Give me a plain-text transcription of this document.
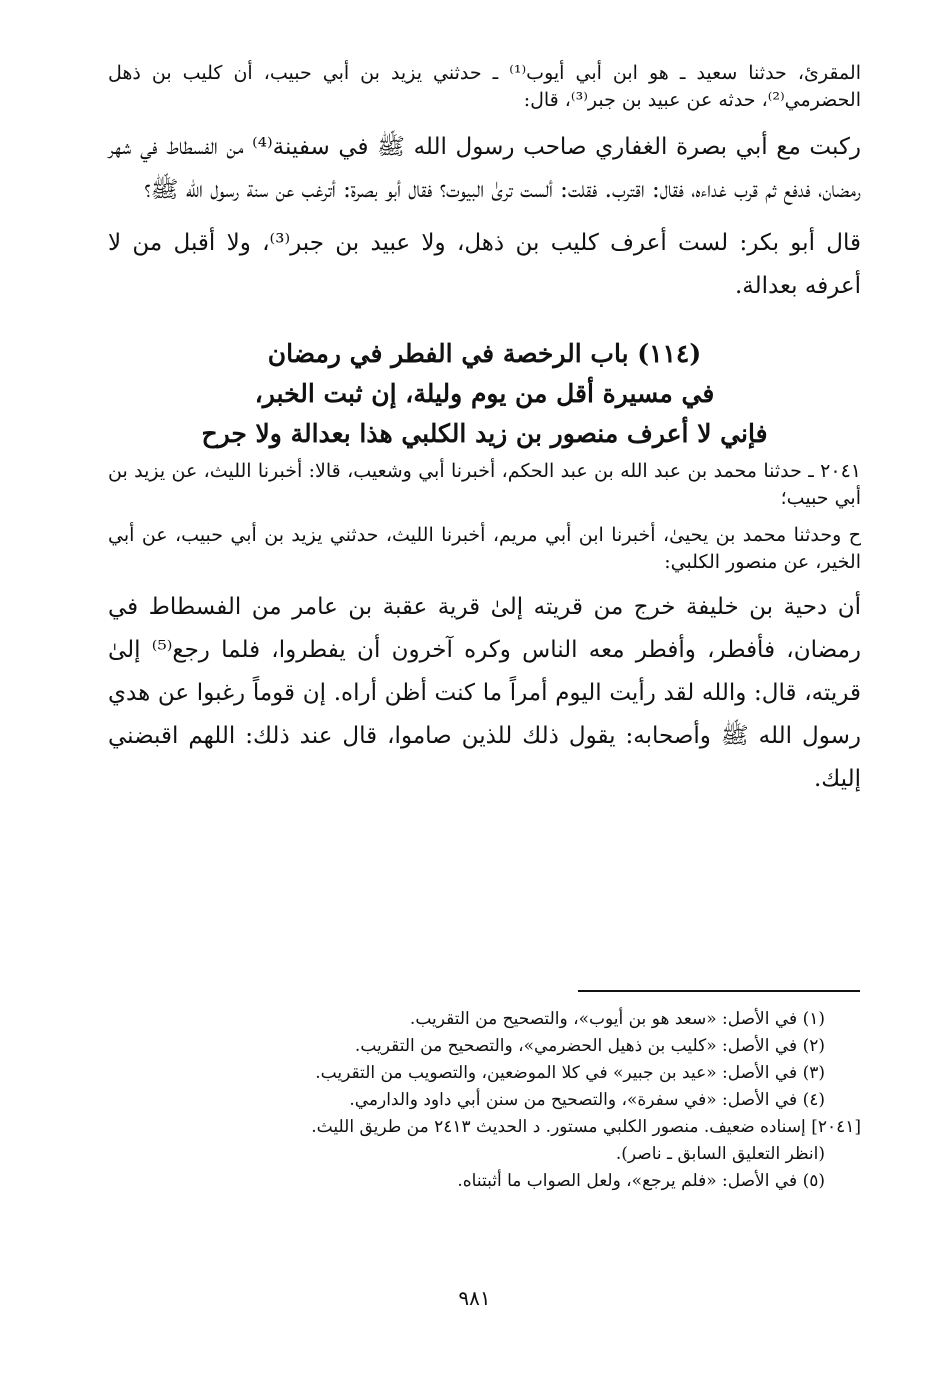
المقرئ، حدثنا سعيد ـ هو ابن أبي أيوب⁽¹⁾ ـ حدثني يزيد بن أبي حبيب، أن كليب بن ذهل الحضرمي⁽²⁾، حدثه عن عبيد بن جبر⁽³⁾، قال:

ركبت مع أبي بصرة الغفاري صاحب رسول الله ﷺ في سفينة⁽⁴⁾ من الفسطاط في شهر رمضان، فدفع ثم قرب غداءه، فقال: اقترب. فقلت: ألست ترىٰ البيوت؟ فقال أبو بصرة: أترغب عن سنة رسول الله ﷺ؟

قال أبو بكر: لست أعرف كليب بن ذهل، ولا عبيد بن جبر⁽³⁾، ولا أقبل من لا أعرفه بعدالة.

(١١٤) باب الرخصة في الفطر في رمضان
في مسيرة أقل من يوم وليلة، إن ثبت الخبر،
فإني لا أعرف منصور بن زيد الكلبي هذا بعدالة ولا جرح

٢٠٤١ ـ حدثنا محمد بن عبد الله بن عبد الحكم، أخبرنا أبي وشعيب، قالا: أخبرنا الليث، عن يزيد بن أبي حبيب؛

ح وحدثنا محمد بن يحيىٰ، أخبرنا ابن أبي مريم، أخبرنا الليث، حدثني يزيد بن أبي حبيب، عن أبي الخير، عن منصور الكلبي:

أن دحية بن خليفة خرج من قريته إلىٰ قرية عقبة بن عامر من الفسطاط في رمضان، فأفطر، وأفطر معه الناس وكره آخرون أن يفطروا، فلما رجع⁽⁵⁾ إلىٰ قريته، قال: والله لقد رأيت اليوم أمراً ما كنت أظن أراه. إن قوماً رغبوا عن هدي رسول الله ﷺ وأصحابه: يقول ذلك للذين صاموا، قال عند ذلك: اللهم اقبضني إليك.

(١) في الأصل: «سعد هو بن أيوب»، والتصحيح من التقريب.

(٢) في الأصل: «كليب بن ذهيل الحضرمي»، والتصحيح من التقريب.

(٣) في الأصل: «عيد بن جبير» في كلا الموضعين، والتصويب من التقريب.

(٤) في الأصل: «في سفرة»، والتصحيح من سنن أبي داود والدارمي.

[٢٠٤١] إسناده ضعيف. منصور الكلبي مستور. د الحديث ٢٤١٣ من طريق الليث.

(انظر التعليق السابق ـ ناصر).

(٥) في الأصل: «فلم يرجع»، ولعل الصواب ما أثبتناه.

٩٨١
